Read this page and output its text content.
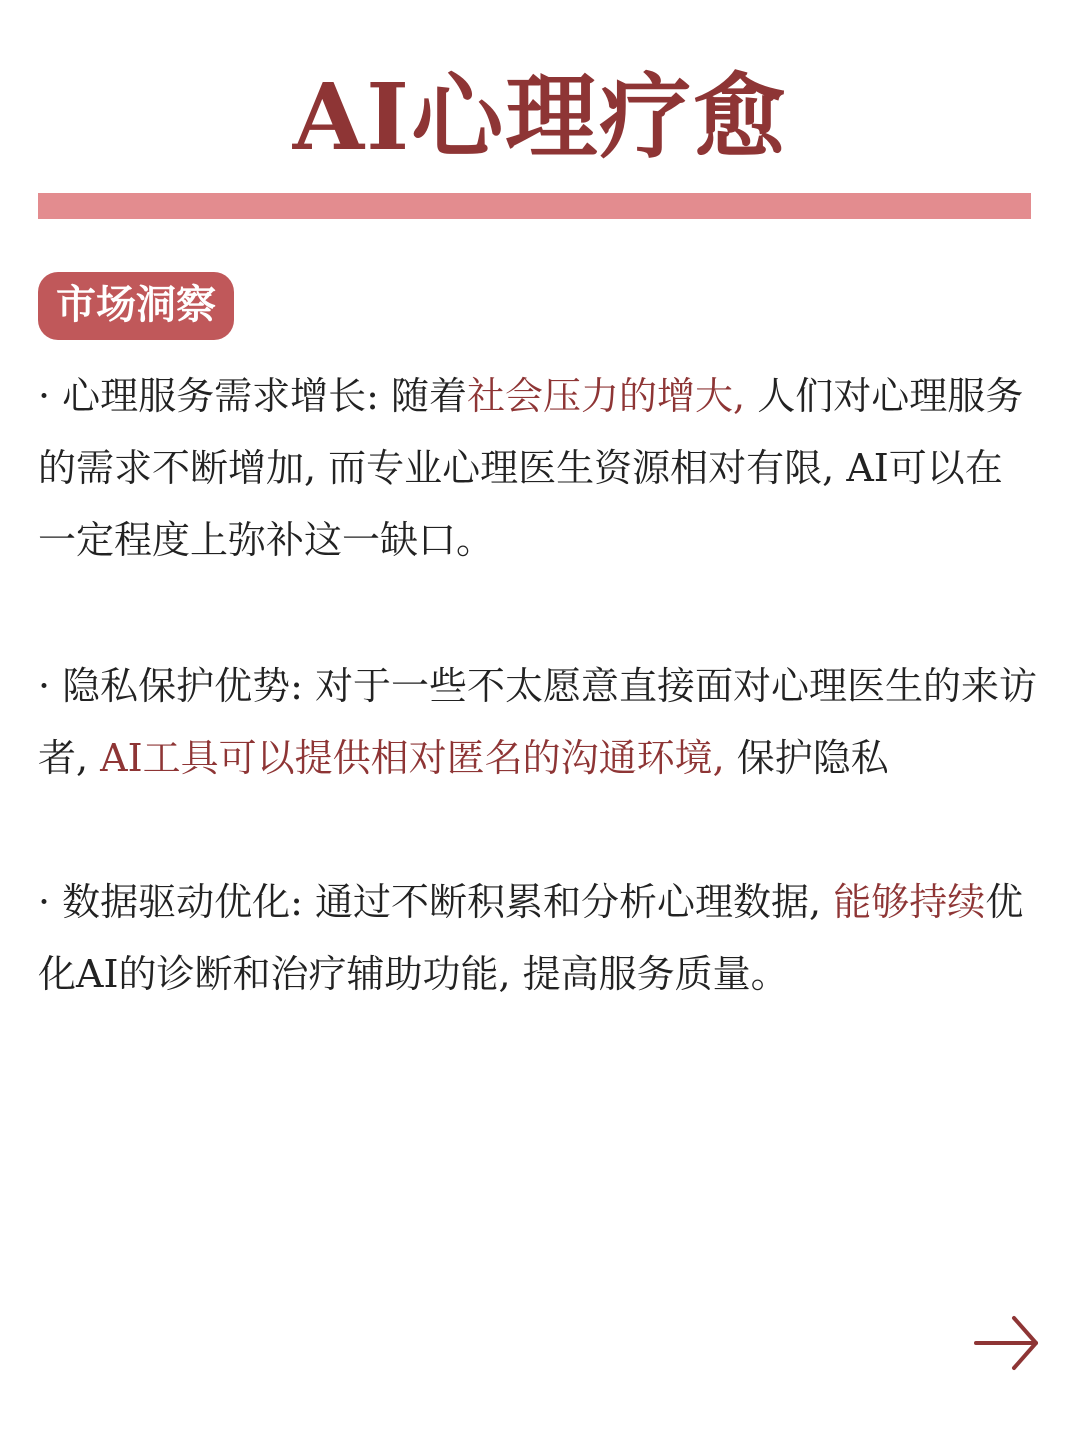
AI心理疗愈
市场洞察

· 心理服务需求增长: 随着社会压力的增大, 人们对心理服务的需求不断增加, 而专业心理医生资源相对有限, AI可以在一定程度上弥补这一缺口。

· 隐私保护优势: 对于一些不太愿意直接面对心理医生的来访者, AI工具可以提供相对匿名的沟通环境, 保护隐私

· 数据驱动优化: 通过不断积累和分析心理数据, 能够持续优化AI的诊断和治疗辅助功能, 提高服务质量。
